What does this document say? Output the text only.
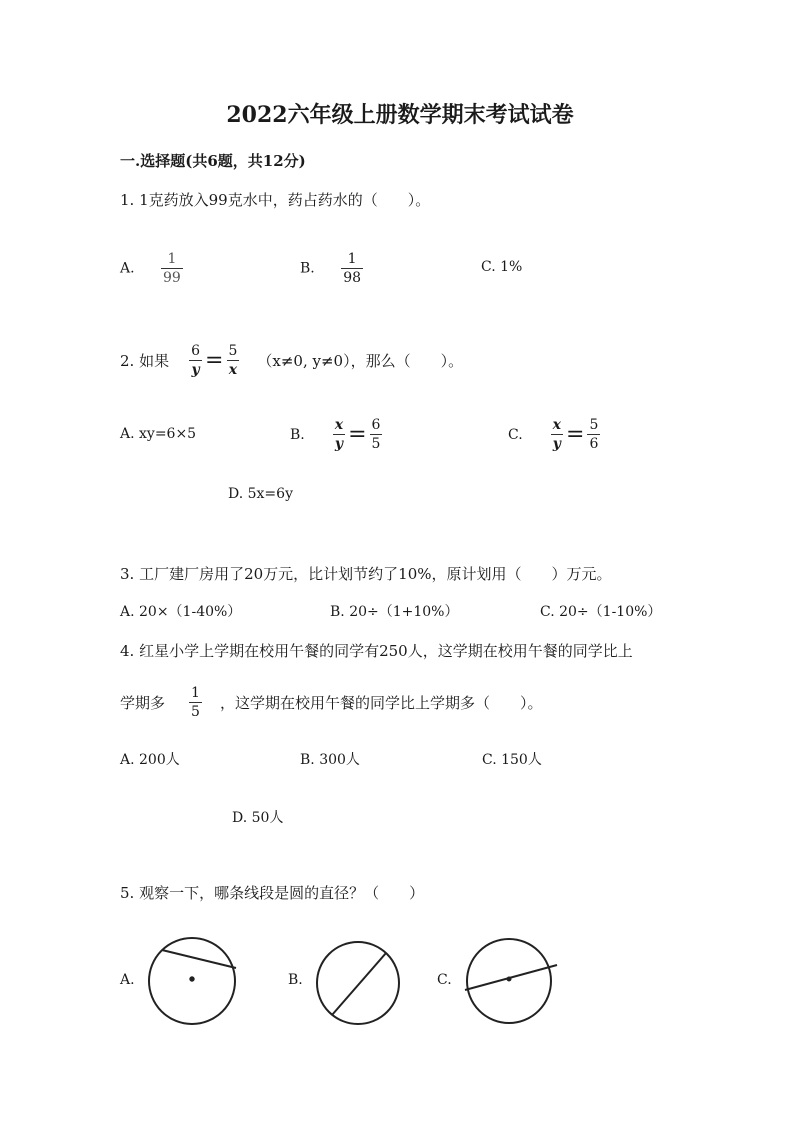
2022六年级上册数学期末考试试卷
一.选择题(共6题，共12分)
1. 1克药放入99克水中，药占药水的（　　）。
A. $\frac{1}{99}$	B. $\frac{1}{98}$	C. 1%
2. 如果 $\frac{6}{y} = \frac{5}{x} (x\ne 0$, y≠0），那么（　　）。
A. xy=6×5	B. $\frac{x}{y} = \frac{6}{5}$	C. $\frac{x}{y} = \frac{5}{6}$
D. 5x=6y
3. 工厂建厂房用了20万元，比计划节约了10%，原计划用（　　）万元。
A. 20×（1-40%）	B. 20÷（1+10%）	C. 20÷（1-10%）
4. 红星小学上学期在校用午餐的同学有250人，这学期在校用午餐的同学比上
学期多 $\frac{1}{5}$ ，这学期在校用午餐的同学比上学期多（　　）。
A. 200人	B. 300人	C. 150人
D. 50人
5. 观察一下，哪条线段是圆的直径？（　　）
A.	B.	C.
